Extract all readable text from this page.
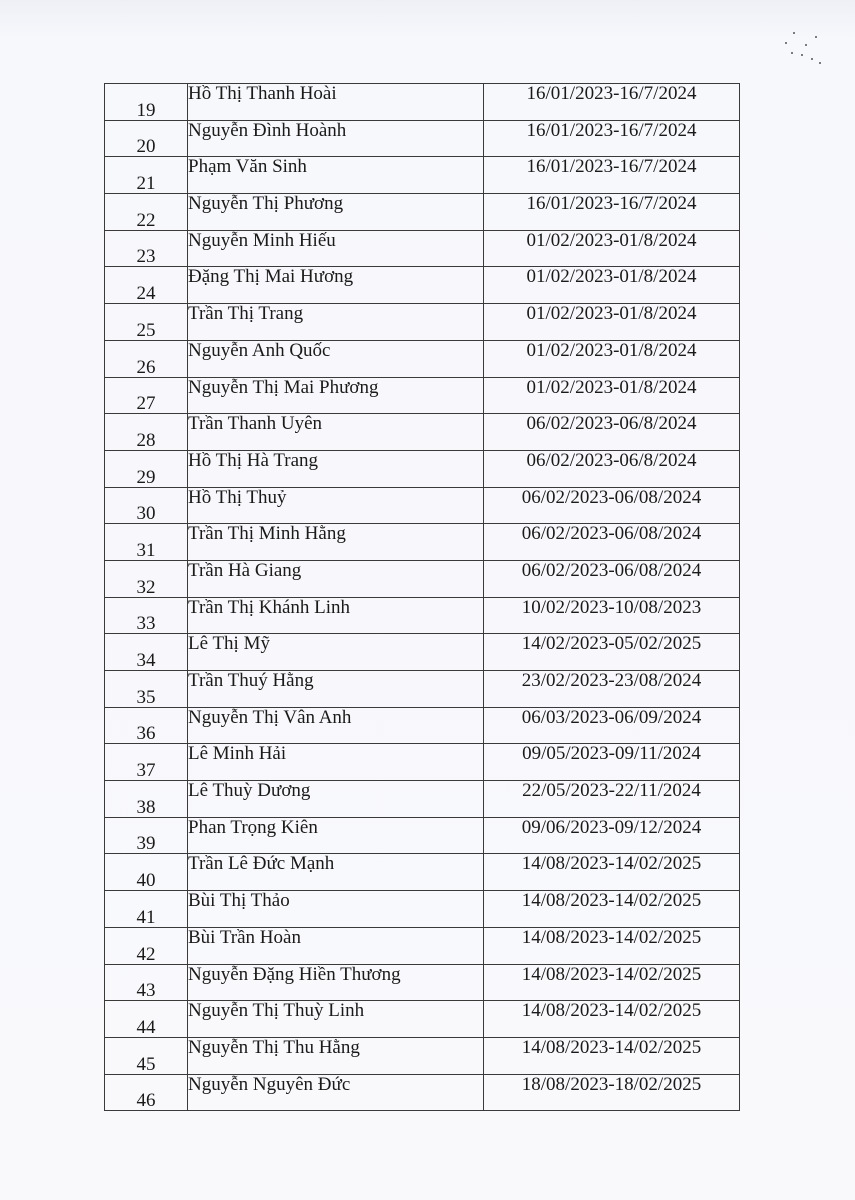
19	Hồ Thị Thanh Hoài	16/01/2023-16/7/2024
20	Nguyễn Đình Hoành	16/01/2023-16/7/2024
21	Phạm Văn Sinh	16/01/2023-16/7/2024
22	Nguyễn Thị Phương	16/01/2023-16/7/2024
23	Nguyễn Minh Hiếu	01/02/2023-01/8/2024
24	Đặng Thị Mai Hương	01/02/2023-01/8/2024
25	Trần Thị Trang	01/02/2023-01/8/2024
26	Nguyễn Anh Quốc	01/02/2023-01/8/2024
27	Nguyễn Thị Mai Phương	01/02/2023-01/8/2024
28	Trần Thanh Uyên	06/02/2023-06/8/2024
29	Hồ Thị Hà Trang	06/02/2023-06/8/2024
30	Hồ Thị Thuỷ	06/02/2023-06/08/2024
31	Trần Thị Minh Hằng	06/02/2023-06/08/2024
32	Trần Hà Giang	06/02/2023-06/08/2024
33	Trần Thị Khánh Linh	10/02/2023-10/08/2023
34	Lê Thị Mỹ	14/02/2023-05/02/2025
35	Trần Thuý Hằng	23/02/2023-23/08/2024
36	Nguyễn Thị Vân Anh	06/03/2023-06/09/2024
37	Lê Minh Hải	09/05/2023-09/11/2024
38	Lê Thuỳ Dương	22/05/2023-22/11/2024
39	Phan Trọng Kiên	09/06/2023-09/12/2024
40	Trần Lê Đức Mạnh	14/08/2023-14/02/2025
41	Bùi Thị Thảo	14/08/2023-14/02/2025
42	Bùi Trần Hoàn	14/08/2023-14/02/2025
43	Nguyễn Đặng Hiền Thương	14/08/2023-14/02/2025
44	Nguyễn Thị Thuỳ Linh	14/08/2023-14/02/2025
45	Nguyễn Thị Thu Hằng	14/08/2023-14/02/2025
46	Nguyễn Nguyên Đức	18/08/2023-18/02/2025
